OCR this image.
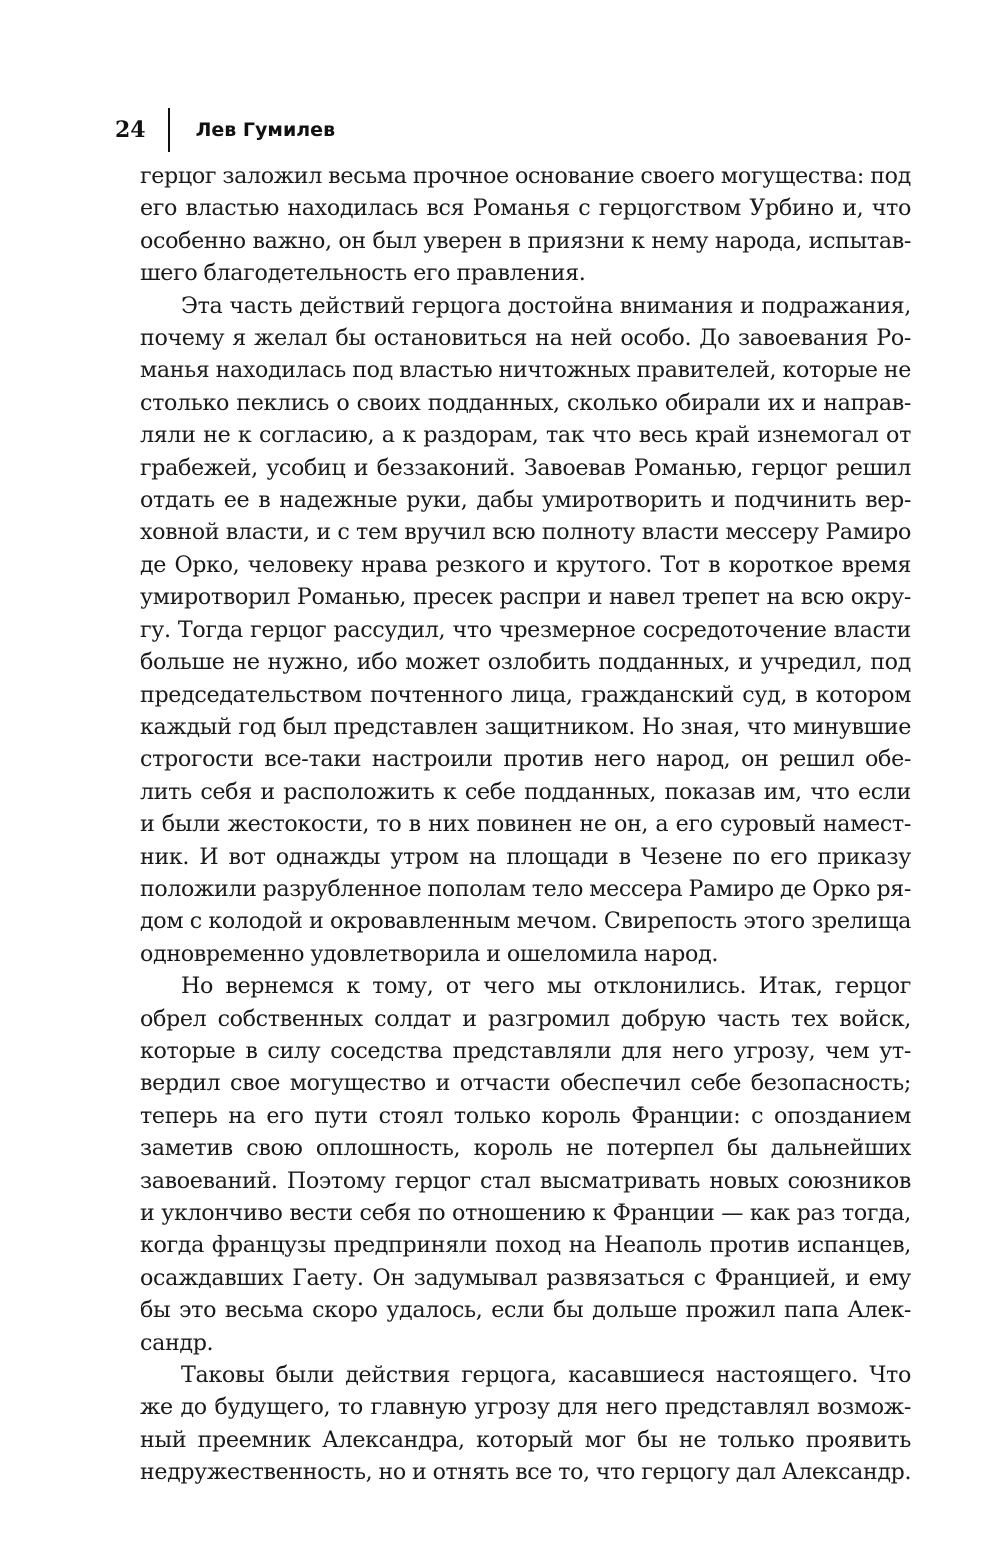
24	Лев Гумилев

герцог заложил весьма прочное основание своего могущества: под
его властью находилась вся Романья с герцогством Урбино и, что
особенно важно, он был уверен в приязни к нему народа, испытав-
шего благодетельность его правления.

Эта часть действий герцога достойна внимания и подражания,
почему я желал бы остановиться на ней особо. До завоевания Ро-
манья находилась под властью ничтожных правителей, которые не
столько пеклись о своих подданных, сколько обирали их и направ-
ляли не к согласию, а к раздорам, так что весь край изнемогал от
грабежей, усобиц и беззаконий. Завоевав Романью, герцог решил
отдать ее в надежные руки, дабы умиротворить и подчинить вер-
ховной власти, и с тем вручил всю полноту власти мессеру Рамиро
де Орко, человеку нрава резкого и крутого. Тот в короткое время
умиротворил Романью, пресек распри и навел трепет на всю окру-
гу. Тогда герцог рассудил, что чрезмерное сосредоточение власти
больше не нужно, ибо может озлобить подданных, и учредил, под
председательством почтенного лица, гражданский суд, в котором
каждый год был представлен защитником. Но зная, что минувшие
строгости все-таки настроили против него народ, он решил обе-
лить себя и расположить к себе подданных, показав им, что если
и были жестокости, то в них повинен не он, а его суровый намест-
ник. И вот однажды утром на площади в Чезене по его приказу
положили разрубленное пополам тело мессера Рамиро де Орко ря-
дом с колодой и окровавленным мечом. Свирепость этого зрелища
одновременно удовлетворила и ошеломила народ.

Но вернемся к тому, от чего мы отклонились. Итак, герцог
обрел собственных солдат и разгромил добрую часть тех войск,
которые в силу соседства представляли для него угрозу, чем ут-
вердил свое могущество и отчасти обеспечил себе безопасность;
теперь на его пути стоял только король Франции: с опозданием
заметив свою оплошность, король не потерпел бы дальнейших
завоеваний. Поэтому герцог стал высматривать новых союзников
и уклончиво вести себя по отношению к Франции — как раз тогда,
когда французы предприняли поход на Неаполь против испанцев,
осаждавших Гаету. Он задумывал развязаться с Францией, и ему
бы это весьма скоро удалось, если бы дольше прожил папа Алек-
сандр.

Таковы были действия герцога, касавшиеся настоящего. Что
же до будущего, то главную угрозу для него представлял возмож-
ный преемник Александра, который мог бы не только проявить
недружественность, но и отнять все то, что герцогу дал Александр.
